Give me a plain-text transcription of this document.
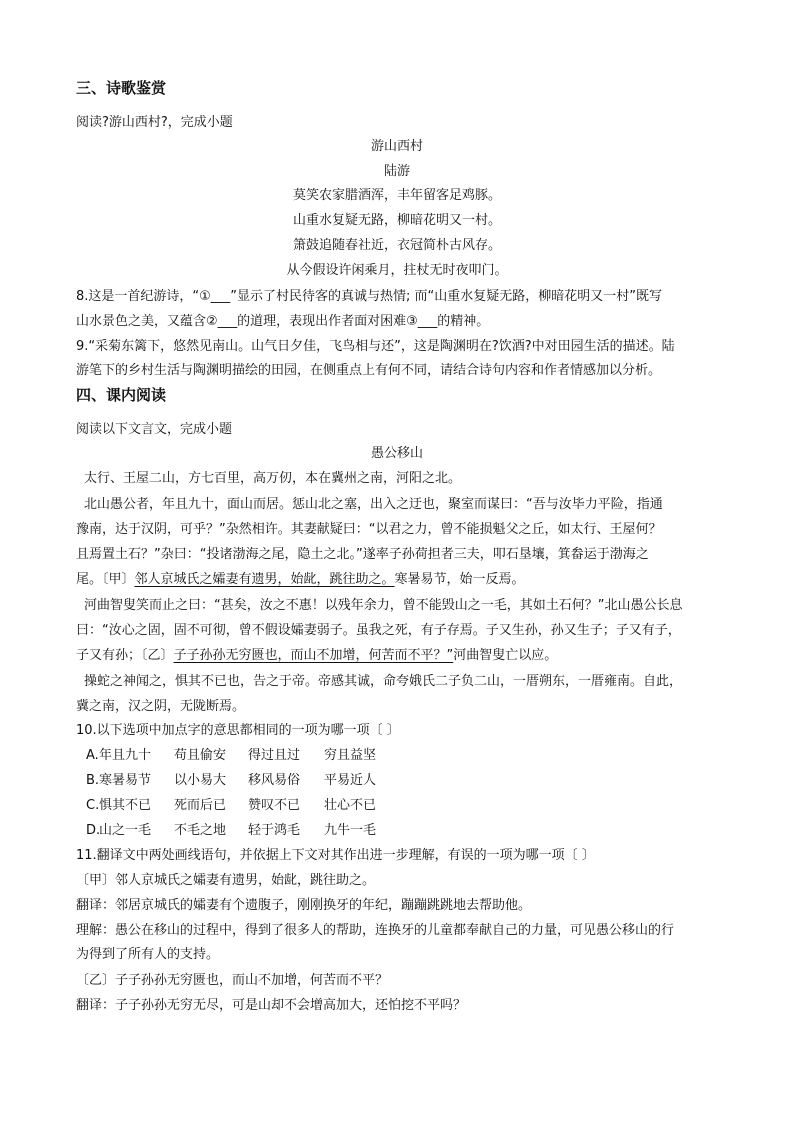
三、诗歌鉴赏
阅读?游山西村?，完成小题
游山西村
陆游
莫笑农家腊酒浑，丰年留客足鸡豚。
山重水复疑无路，柳暗花明又一村。
箫鼓追随春社近，衣冠简朴古风存。
从今假设许闲乘月，拄杖无时夜叩门。
8.这是一首纪游诗，“①___”显示了村民待客的真诚与热情; 而“山重水复疑无路，柳暗花明又一村”既写
山水景色之美，又蕴含②___的道理，表现出作者面对困难③___的精神。
9.“采菊东篱下，悠然见南山。山气日夕佳，飞鸟相与还”，这是陶渊明在?饮酒?中对田园生活的描述。陆
游笔下的乡村生活与陶渊明描绘的田园，在侧重点上有何不同，请结合诗句内容和作者情感加以分析。
四、课内阅读
阅读以下文言文，完成小题
愚公移山
太行、王屋二山，方七百里，高万仞，本在冀州之南，河阳之北。
北山愚公者，年且九十，面山而居。惩山北之塞，出入之迂也，聚室而谋曰：“吾与汝毕力平险，指通
豫南，达于汉阴，可乎？”杂然相许。其妻献疑曰：“以君之力，曾不能损魁父之丘，如太行、王屋何？
且焉置土石？”杂曰：“投诸渤海之尾，隐土之北。”遂率子孙荷担者三夫，叩石垦壤，箕畚运于渤海之
尾。〔甲〕邻人京城氏之孀妻有遗男，始龀，跳往助之。寒暑易节，始一反焉。
河曲智叟笑而止之曰：“甚矣，汝之不惠！以残年余力，曾不能毁山之一毛，其如土石何？”北山愚公长息
曰：“汝心之固，固不可彻，曾不假设孀妻弱子。虽我之死，有子存焉。子又生孙，孙又生子；子又有子，
子又有孙；〔乙〕子子孙孙无穷匮也，而山不加增，何苦而不平？”河曲智叟亡以应。
操蛇之神闻之，惧其不已也，告之于帝。帝感其诚，命夸娥氏二子负二山，一厝朔东，一厝雍南。自此，
冀之南，汉之阴，无陇断焉。
10.以下选项中加点字的意思都相同的一项为哪一项〔 〕
A. 年且九十 苟且偷安 得过且过 穷且益坚
B. 寒暑易节 以小易大 移风易俗 平易近人
C. 惧其不已 死而后已 赞叹不已 壮心不已
D.
山之一毛 不毛之地 轻于鸿毛 九牛一毛
11.翻译文中两处画线语句，并依据上下文对其作出进一步理解，有误的一项为哪一项〔 〕
〔甲〕邻人京城氏之孀妻有遗男，始龀，跳往助之。
翻译：邻居京城氏的孀妻有个遗腹子，刚刚换牙的年纪，蹦蹦跳跳地去帮助他。
理解：愚公在移山的过程中，得到了很多人的帮助，连换牙的儿童都奉献自己的力量，可见愚公移山的行
为得到了所有人的支持。
〔乙〕子子孙孙无穷匮也，而山不加增，何苦而不平？
翻译：子子孙孙无穷无尽，可是山却不会增高加大，还怕挖不平吗？
